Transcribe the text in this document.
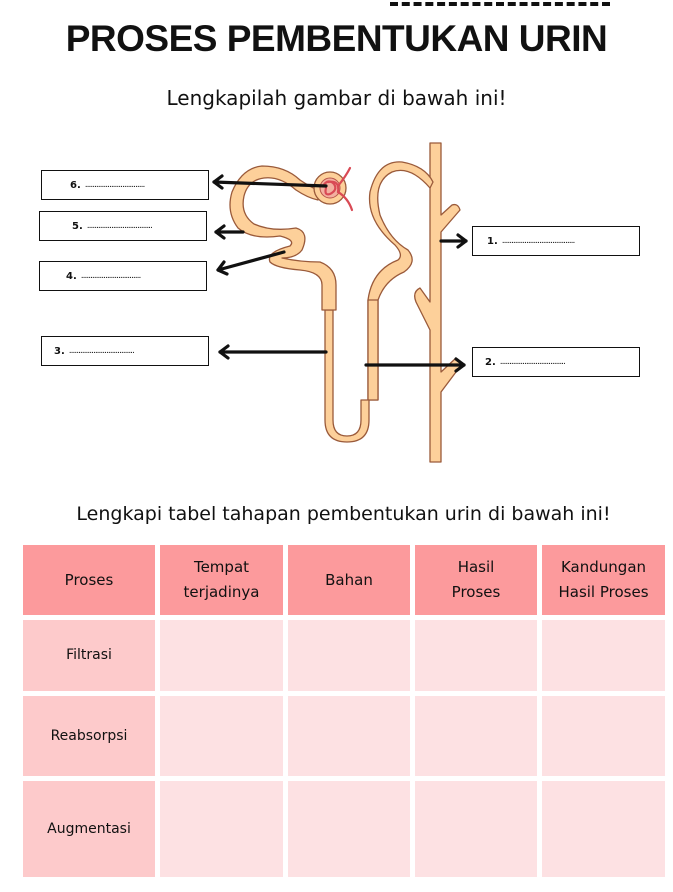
PROSES PEMBENTUKAN URIN
Lengkapilah gambar di bawah ini!
6. ................................
5. ...................................
4. ................................
3. ...................................
1. .......................................
2. ...................................
Lengkapi tabel tahapan pembentukan urin di bawah ini!
Proses
Tempat
terjadinya
Bahan
Hasil
Proses
Kandungan
Hasil Proses
Filtrasi
Reabsorpsi
Augmentasi
